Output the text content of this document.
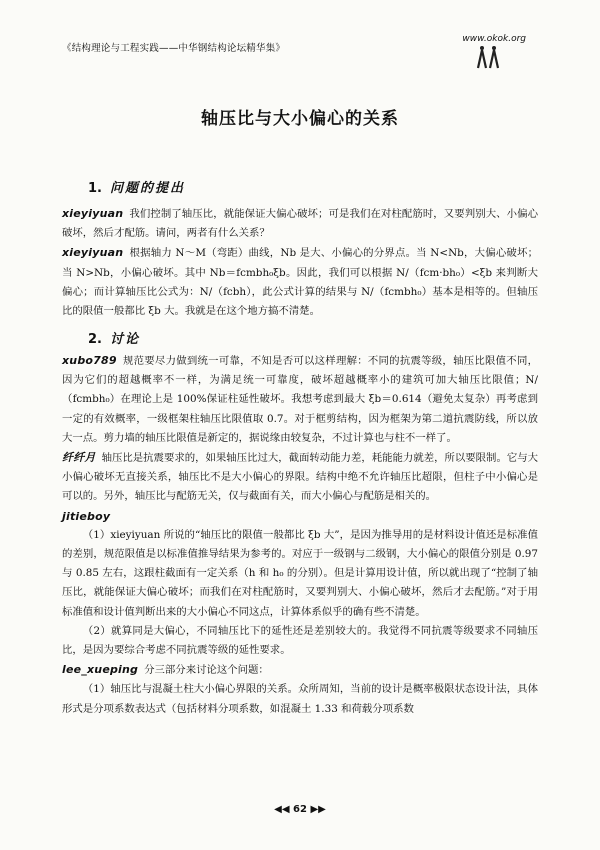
《结构理论与工程实践——中华钢结构论坛精华集》
www.okok.org
轴压比与大小偏心的关系
1. 问题的提出

xieyiyuan 我们控制了轴压比，就能保证大偏心破坏；可是我们在对柱配筋时，又要判别大、小偏心破坏，然后才配筋。请问，两者有什么关系？

xieyiyuan 根据轴力 N～M（弯距）曲线，Nb 是大、小偏心的分界点。当 N<Nb，大偏心破坏；当 N>Nb，小偏心破坏。其中 Nb＝fcmbh₀ξb。因此，我们可以根据 N/（fcm·bh₀）<ξb 来判断大偏心；而计算轴压比公式为：N/（fcbh），此公式计算的结果与 N/（fcmbh₀）基本是相等的。但轴压比的限值一般都比 ξb 大。我就是在这个地方搞不清楚。

2. 讨论

xubo789 规范要尽力做到统一可靠，不知是否可以这样理解：不同的抗震等级，轴压比限值不同，因为它们的超越概率不一样，为满足统一可靠度，破坏超越概率小的建筑可加大轴压比限值；N/（fcmbh₀）在理论上是 100%保证柱延性破坏。我想考虑到最大 ξb＝0.614（避免太复杂）再考虑到一定的有效概率，一级框架柱轴压比限值取 0.7。对于框剪结构，因为框架为第二道抗震防线，所以放大一点。剪力墙的轴压比限值是新定的，据说缘由较复杂，不过计算也与柱不一样了。

纤纤月 轴压比是抗震要求的，如果轴压比过大，截面转动能力差，耗能能力就差，所以要限制。它与大小偏心破坏无直接关系，轴压比不是大小偏心的界限。结构中绝不允许轴压比超限，但柱子中小偏心是可以的。另外，轴压比与配筋无关，仅与截面有关，而大小偏心与配筋是相关的。

jitieboy

（1）xieyiyuan 所说的“轴压比的限值一般都比 ξb 大”，是因为推导用的是材料设计值还是标准值的差别，规范限值是以标准值推导结果为参考的。对应于一级钢与二级钢，大小偏心的限值分别是 0.97 与 0.85 左右，这跟柱截面有一定关系（h 和 h₀ 的分别）。但是计算用设计值，所以就出现了“控制了轴压比，就能保证大偏心破坏；而我们在对柱配筋时，又要判别大、小偏心破坏，然后才去配筋。”对于用标准值和设计值判断出来的大小偏心不同这点，计算体系似乎的确有些不清楚。

（2）就算同是大偏心，不同轴压比下的延性还是差别较大的。我觉得不同抗震等级要求不同轴压比，是因为要综合考虑不同抗震等级的延性要求。

lee_xueping 分三部分来讨论这个问题：

（1）轴压比与混凝土柱大小偏心界限的关系。众所周知，当前的设计是概率极限状态设计法，具体形式是分项系数表达式（包括材料分项系数，如混凝土 1.33 和荷载分项系数

◀◀ 62 ▶▶
